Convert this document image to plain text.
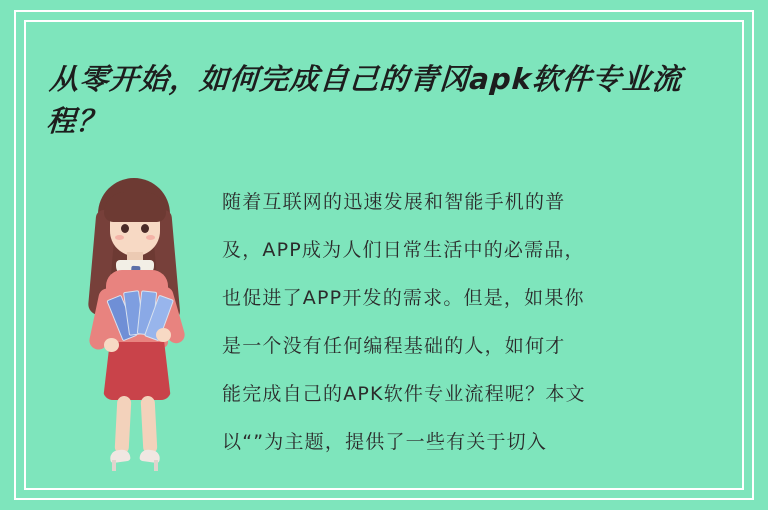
从零开始，如何完成自己的青冈apk软件专业流程？
随着互联网的迅速发展和智能手机的普
及，APP成为人们日常生活中的必需品，
也促进了APP开发的需求。但是，如果你
是一个没有任何编程基础的人，如何才
能完成自己的APK软件专业流程呢？本文
以“”为主题，提供了一些有关于切入
